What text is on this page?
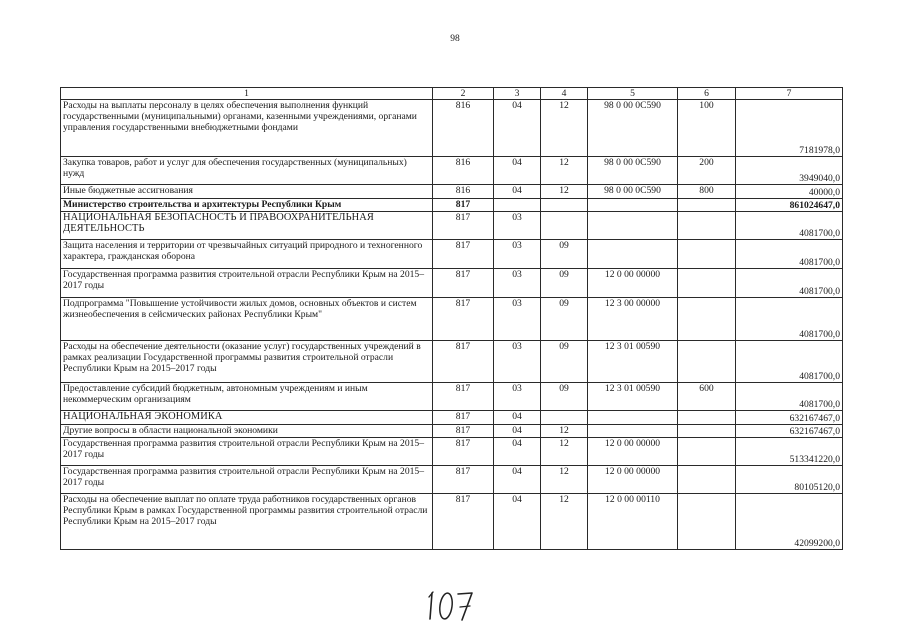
98
1	2	3	4	5	6	7
Расходы на выплаты персоналу в целях обеспечения выполнения функций государственными (муниципальными) органами, казенными учреждениями, органами управления государственными внебюджетными фондами	816	04	12	98 0 00 0С590	100	7181978,0
Закупка товаров, работ и услуг для обеспечения государственных (муниципальных) нужд	816	04	12	98 0 00 0С590	200	3949040,0
Иные бюджетные ассигнования	816	04	12	98 0 00 0С590	800	40000,0
Министерство строительства и архитектуры Республики Крым	817					861024647,0
НАЦИОНАЛЬНАЯ БЕЗОПАСНОСТЬ И ПРАВООХРАНИТЕЛЬНАЯ ДЕЯТЕЛЬНОСТЬ	817	03				4081700,0
Защита населения и территории от чрезвычайных ситуаций природного и техногенного характера, гражданская оборона	817	03	09			4081700,0
Государственная программа развития строительной отрасли Республики Крым на 2015–2017 годы	817	03	09	12 0 00 00000		4081700,0
Подпрограмма "Повышение устойчивости жилых домов, основных объектов и систем жизнеобеспечения в сейсмических районах Республики Крым"	817	03	09	12 3 00 00000		4081700,0
Расходы на обеспечение деятельности (оказание услуг) государственных учреждений в рамках реализации Государственной программы развития строительной отрасли Республики Крым на 2015–2017 годы	817	03	09	12 3 01 00590		4081700,0
Предоставление субсидий бюджетным, автономным учреждениям и иным некоммерческим организациям	817	03	09	12 3 01 00590	600	4081700,0
НАЦИОНАЛЬНАЯ ЭКОНОМИКА	817	04				632167467,0
Другие вопросы в области национальной экономики	817	04	12			632167467,0
Государственная программа развития строительной отрасли Республики Крым на 2015–2017 годы	817	04	12	12 0 00 00000		513341220,0
Государственная программа развития строительной отрасли Республики Крым на 2015–2017 годы	817	04	12	12 0 00 00000		80105120,0
Расходы на обеспечение выплат по оплате труда работников государственных органов Республики Крым в рамках Государственной программы развития строительной отрасли Республики Крым на 2015–2017 годы	817	04	12	12 0 00 00110		42099200,0
